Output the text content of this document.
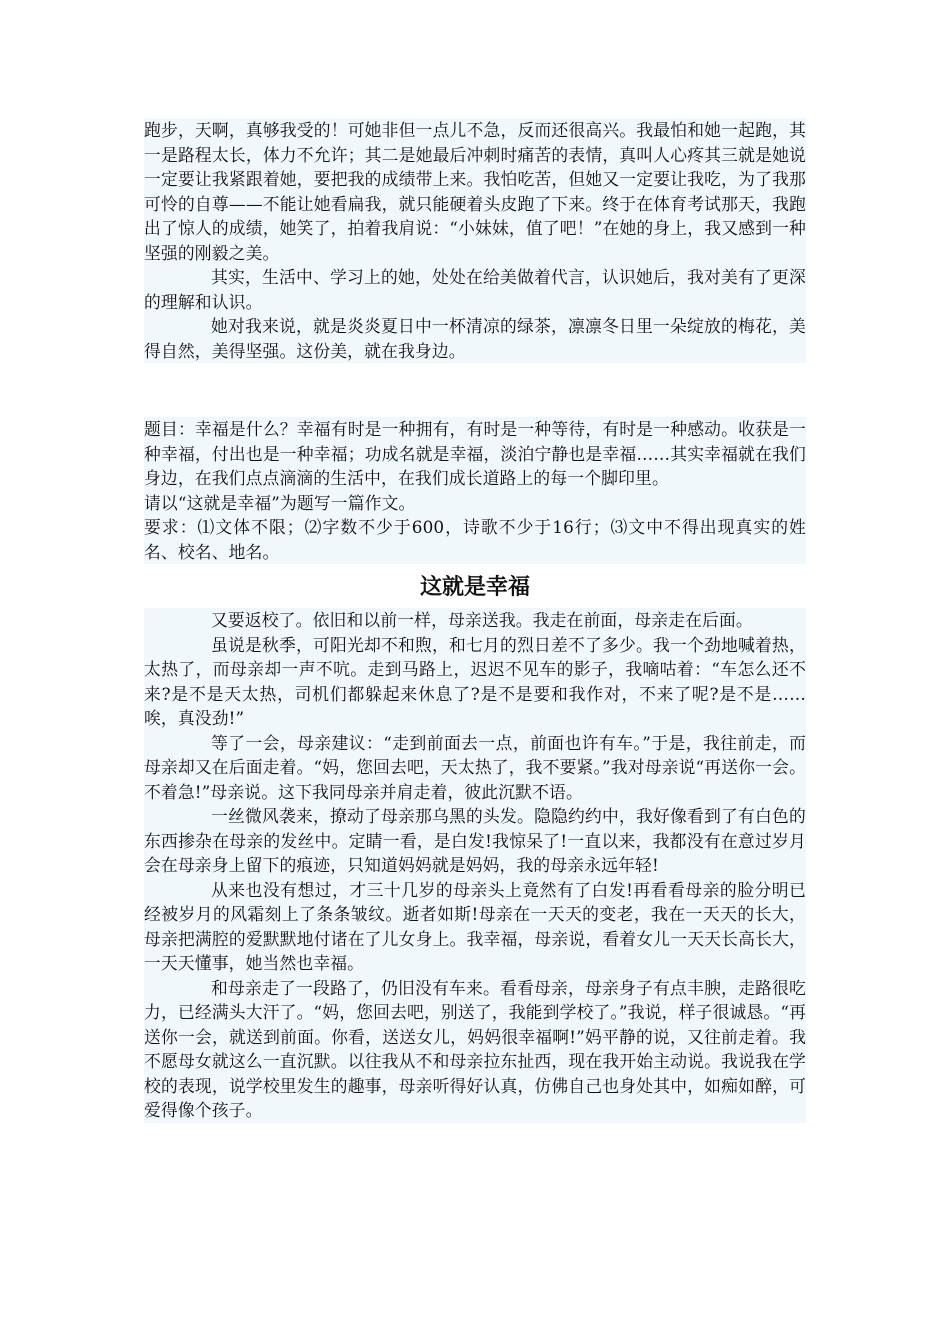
跑步，天啊，真够我受的！可她非但一点儿不急，反而还很高兴。我最怕和她一起跑，其一是路程太长，体力不允许；其二是她最后冲刺时痛苦的表情，真叫人心疼其三就是她说一定要让我紧跟着她，要把我的成绩带上来。我怕吃苦，但她又一定要让我吃，为了我那可怜的自尊——不能让她看扁我，就只能硬着头皮跑了下来。终于在体育考试那天，我跑出了惊人的成绩，她笑了，拍着我肩说：“小妹妹，值了吧！”在她的身上，我又感到一种坚强的刚毅之美。

其实，生活中、学习上的她，处处在给美做着代言，认识她后，我对美有了更深的理解和认识。

她对我来说，就是炎炎夏日中一杯清凉的绿茶，凛凛冬日里一朵绽放的梅花，美得自然，美得坚强。这份美，就在我身边。

题目：幸福是什么？幸福有时是一种拥有，有时是一种等待，有时是一种感动。收获是一种幸福，付出也是一种幸福；功成名就是幸福，淡泊宁静也是幸福……其实幸福就在我们身边，在我们点点滴滴的生活中，在我们成长道路上的每一个脚印里。

请以“这就是幸福”为题写一篇作文。

要求：⑴文体不限；⑵字数不少于600，诗歌不少于16行；⑶文中不得出现真实的姓名、校名、地名。

这就是幸福

又要返校了。依旧和以前一样，母亲送我。我走在前面，母亲走在后面。

虽说是秋季，可阳光却不和煦，和七月的烈日差不了多少。我一个劲地喊着热，太热了，而母亲却一声不吭。走到马路上，迟迟不见车的影子，我嘀咕着：“车怎么还不来?是不是天太热，司机们都躲起来休息了?是不是要和我作对，不来了呢?是不是……唉，真没劲!”

等了一会，母亲建议：“走到前面去一点，前面也许有车。”于是，我往前走，而母亲却又在后面走着。“妈，您回去吧，天太热了，我不要紧。”我对母亲说“再送你一会。不着急!”母亲说。这下我同母亲并肩走着，彼此沉默不语。

一丝微风袭来，撩动了母亲那乌黑的头发。隐隐约约中，我好像看到了有白色的东西掺杂在母亲的发丝中。定睛一看，是白发!我惊呆了!一直以来，我都没有在意过岁月会在母亲身上留下的痕迹，只知道妈妈就是妈妈，我的母亲永远年轻!

从来也没有想过，才三十几岁的母亲头上竟然有了白发!再看看母亲的脸分明已经被岁月的风霜刻上了条条皱纹。逝者如斯!母亲在一天天的变老，我在一天天的长大，母亲把满腔的爱默默地付诸在了儿女身上。我幸福，母亲说，看着女儿一天天长高长大，一天天懂事，她当然也幸福。

和母亲走了一段路了，仍旧没有车来。看看母亲，母亲身子有点丰腴，走路很吃力，已经满头大汗了。“妈，您回去吧，别送了，我能到学校了。”我说，样子很诚恳。“再送你一会，就送到前面。你看，送送女儿，妈妈很幸福啊!”妈平静的说，又往前走着。我不愿母女就这么一直沉默。以往我从不和母亲拉东扯西，现在我开始主动说。我说我在学校的表现，说学校里发生的趣事，母亲听得好认真，仿佛自己也身处其中，如痴如醉，可爱得像个孩子。
